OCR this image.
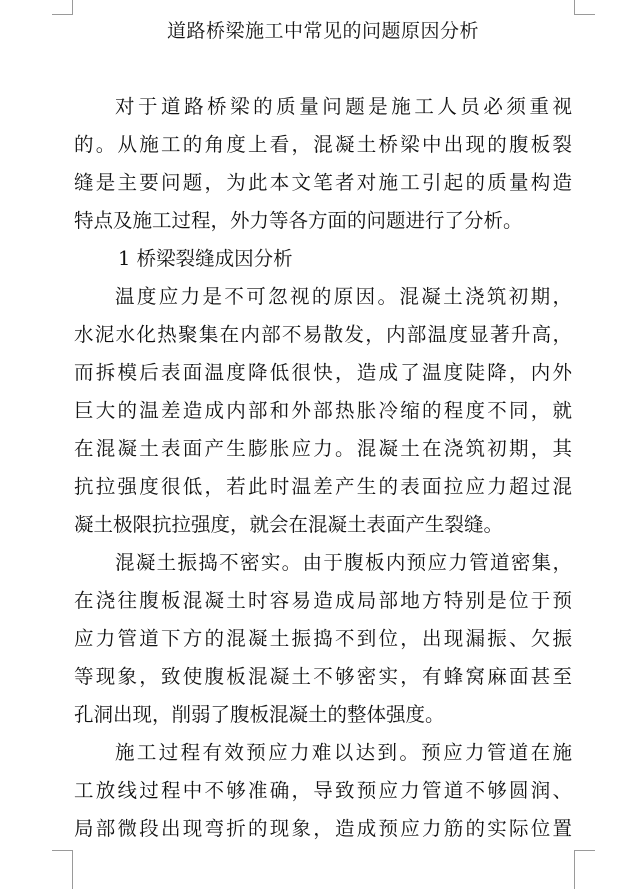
道路桥梁施工中常见的问题原因分析
对于道路桥梁的质量问题是施工人员必须重视
的。从施工的角度上看，混凝土桥梁中出现的腹板裂
缝是主要问题，为此本文笔者对施工引起的质量构造
特点及施工过程，外力等各方面的问题进行了分析。
1 桥梁裂缝成因分析
温度应力是不可忽视的原因。混凝土浇筑初期，
水泥水化热聚集在内部不易散发，内部温度显著升高，
而拆模后表面温度降低很快，造成了温度陡降，内外
巨大的温差造成内部和外部热胀冷缩的程度不同，就
在混凝土表面产生膨胀应力。混凝土在浇筑初期，其
抗拉强度很低，若此时温差产生的表面拉应力超过混
凝土极限抗拉强度，就会在混凝土表面产生裂缝。
混凝土振捣不密实。由于腹板内预应力管道密集，
在浇往腹板混凝土时容易造成局部地方特别是位于预
应力管道下方的混凝土振捣不到位，出现漏振、欠振
等现象，致使腹板混凝土不够密实，有蜂窝麻面甚至
孔洞出现，削弱了腹板混凝土的整体强度。
施工过程有效预应力难以达到。预应力管道在施
工放线过程中不够准确，导致预应力管道不够圆润、
局部微段出现弯折的现象，造成预应力筋的实际位置
